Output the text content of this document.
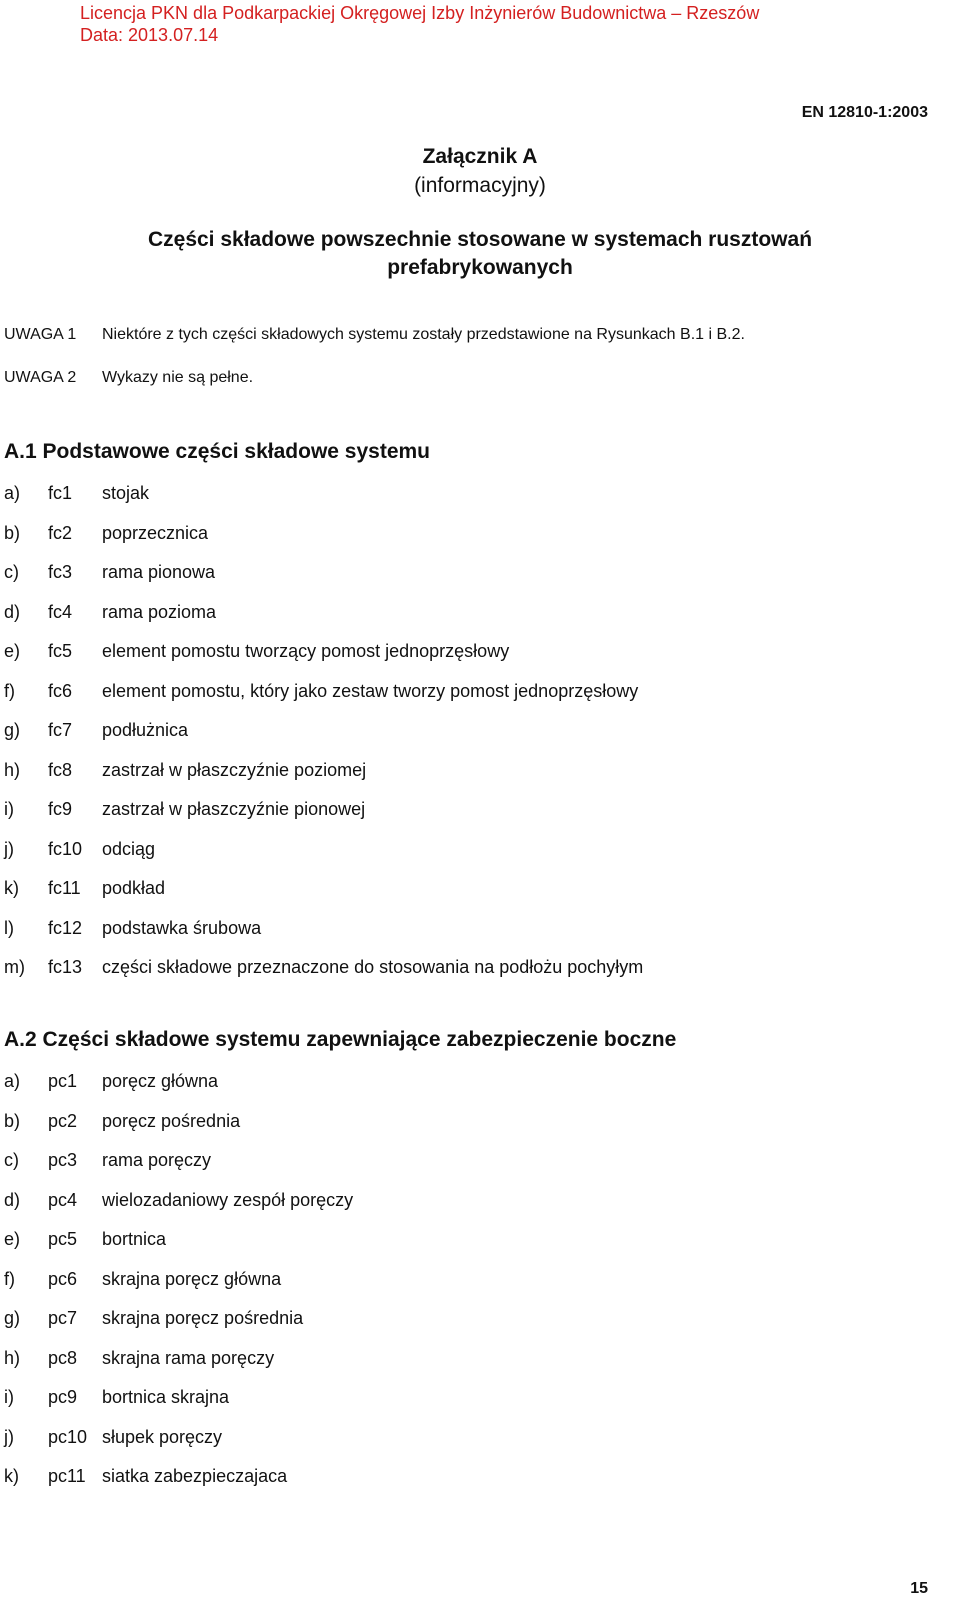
Licencja PKN dla Podkarpackiej Okręgowej Izby Inżynierów Budownictwa – Rzeszów
Data: 2013.07.14
EN 12810-1:2003
Załącznik A
(informacyjny)
Części składowe powszechnie stosowane w systemach rusztowań
prefabrykowanych
UWAGA 1	Niektóre z tych części składowych systemu zostały przedstawione na Rysunkach B.1 i B.2.
UWAGA 2	Wykazy nie są pełne.
A.1 Podstawowe części składowe systemu
a)	fc1	stojak
b)	fc2	poprzecznica
c)	fc3	rama pionowa
d)	fc4	rama pozioma
e)	fc5	element pomostu tworzący pomost jednoprzęsłowy
f)	fc6	element pomostu, który jako zestaw tworzy pomost jednoprzęsłowy
g)	fc7	podłużnica
h)	fc8	zastrzał w płaszczyźnie poziomej
i)	fc9	zastrzał w płaszczyźnie pionowej
j)	fc10	odciąg
k)	fc11	podkład
l)	fc12	podstawka śrubowa
m)	fc13	części składowe przeznaczone do stosowania na podłożu pochyłym
A.2 Części składowe systemu zapewniające zabezpieczenie boczne
a)	pc1	poręcz główna
b)	pc2	poręcz pośrednia
c)	pc3	rama poręczy
d)	pc4	wielozadaniowy zespół poręczy
e)	pc5	bortnica
f)	pc6	skrajna poręcz główna
g)	pc7	skrajna poręcz pośrednia
h)	pc8	skrajna rama poręczy
i)	pc9	bortnica skrajna
j)	pc10 słupek poręczy
k)	pc11 siatka zabezpieczajaca
15
